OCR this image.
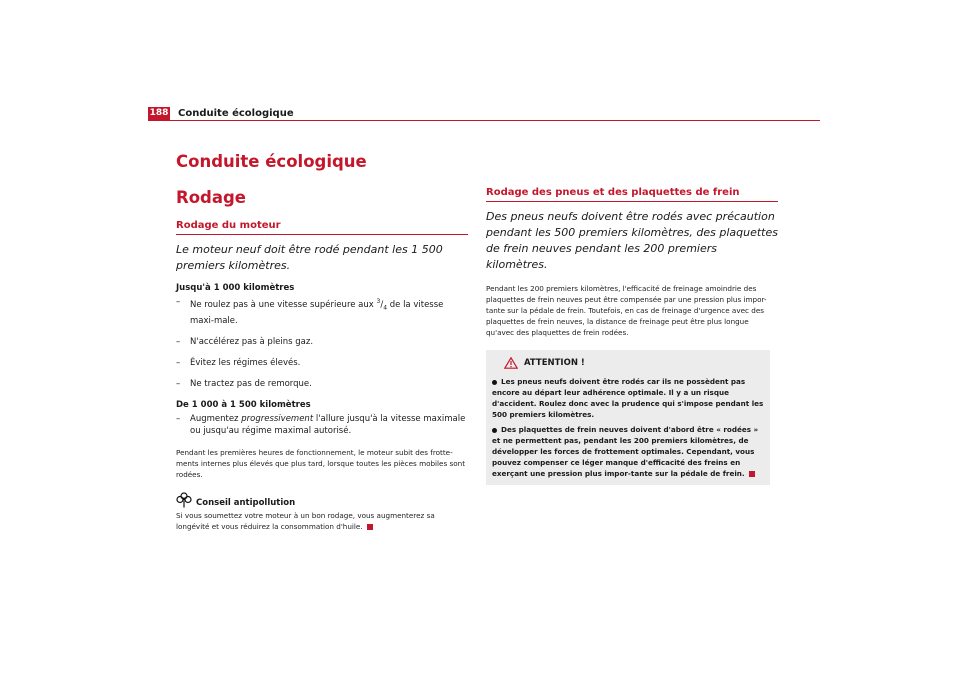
188 Conduite écologique
Conduite écologique
Rodage
Rodage du moteur
Le moteur neuf doit être rodé pendant les 1 500 premiers kilomètres.
Jusqu'à 1 000 kilomètres
– Ne roulez pas à une vitesse supérieure aux $^3/_4$ de la vitesse maxi-male.
– N'accélérez pas à pleins gaz.
– Évitez les régimes élevés.
– Ne tractez pas de remorque.
De 1 000 à 1 500 kilomètres
– Augmentez progressivement l'allure jusqu'à la vitesse maximale ou jusqu'au régime maximal autorisé.
Pendant les premières heures de fonctionnement, le moteur subit des frotte-ments internes plus élevés que plus tard, lorsque toutes les pièces mobiles sont rodées.
Conseil antipollution
Si vous soumettez votre moteur à un bon rodage, vous augmenterez sa longévité et vous réduirez la consommation d'huile.
Rodage des pneus et des plaquettes de frein
Des pneus neufs doivent être rodés avec précaution pendant les 500 premiers kilomètres, des plaquettes de frein neuves pendant les 200 premiers kilomètres.
Pendant les 200 premiers kilomètres, l'efficacité de freinage amoindrie des plaquettes de frein neuves peut être compensée par une pression plus impor-tante sur la pédale de frein. Toutefois, en cas de freinage d'urgence avec des plaquettes de frein neuves, la distance de freinage peut être plus longue qu'avec des plaquettes de frein rodées.
ATTENTION !
Les pneus neufs doivent être rodés car ils ne possèdent pas encore au départ leur adhérence optimale. Il y a un risque d'accident. Roulez donc avec la prudence qui s'impose pendant les 500 premiers kilomètres.
Des plaquettes de frein neuves doivent d'abord être « rodées » et ne permettent pas, pendant les 200 premiers kilomètres, de développer les forces de frottement optimales. Cependant, vous pouvez compenser ce léger manque d'efficacité des freins en exerçant une pression plus impor-tante sur la pédale de frein.
